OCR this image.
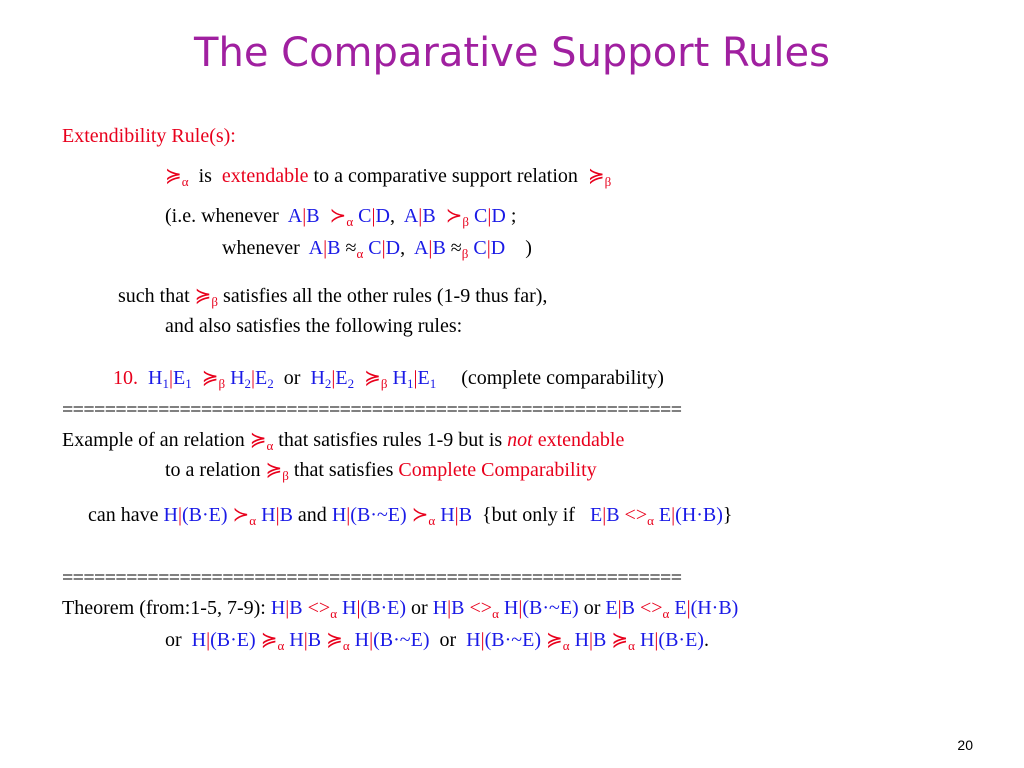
The Comparative Support Rules
Extendibility Rule(s):
$≽_\alpha$ is extendable to a comparative support relation $≽_\beta$
(i.e. whenever A|B $≻_\alpha$ C|D, A|B $≻_\beta$ C|D ;
whenever $A|B \approx_\alpha$ C|D, $A|B \approx_\beta$ C|D )
such that $≽_\beta$ satisfies all the other rules (1-9 thus far),
and also satisfies the following rules:
10. $H_1|E_1$ $≽_\beta$ $H_2|E_2$ or $H_2|E_2$ $≽_\beta$ $H_1|E_1$ (complete comparability)
==========================================================
Example of an relation $≽_\alpha$ that satisfies rules 1-9 but is not extendable
to a relation $≽_\beta$ that satisfies Complete Comparability
can have H|(B·E) $≻_\alpha$ H|B and H|(B·~E) $≻_\alpha$ H|B {but only if $E|B <>_\alpha$ E|(H·B)}
==========================================================
Theorem (from:1-5, 7-9): $H|B <>_\alpha$ H|(B·E) or $H|B <>_\alpha$ H|(B·~E) or $E|B <>_\alpha$ E|(H·B)
or H|(B·E) $≽_\alpha$ H|B $≽_\alpha$ H|(B·~E) or H|(B·~E) $≽_\alpha$ H|B $≽_\alpha$ H|(B·E).
20
